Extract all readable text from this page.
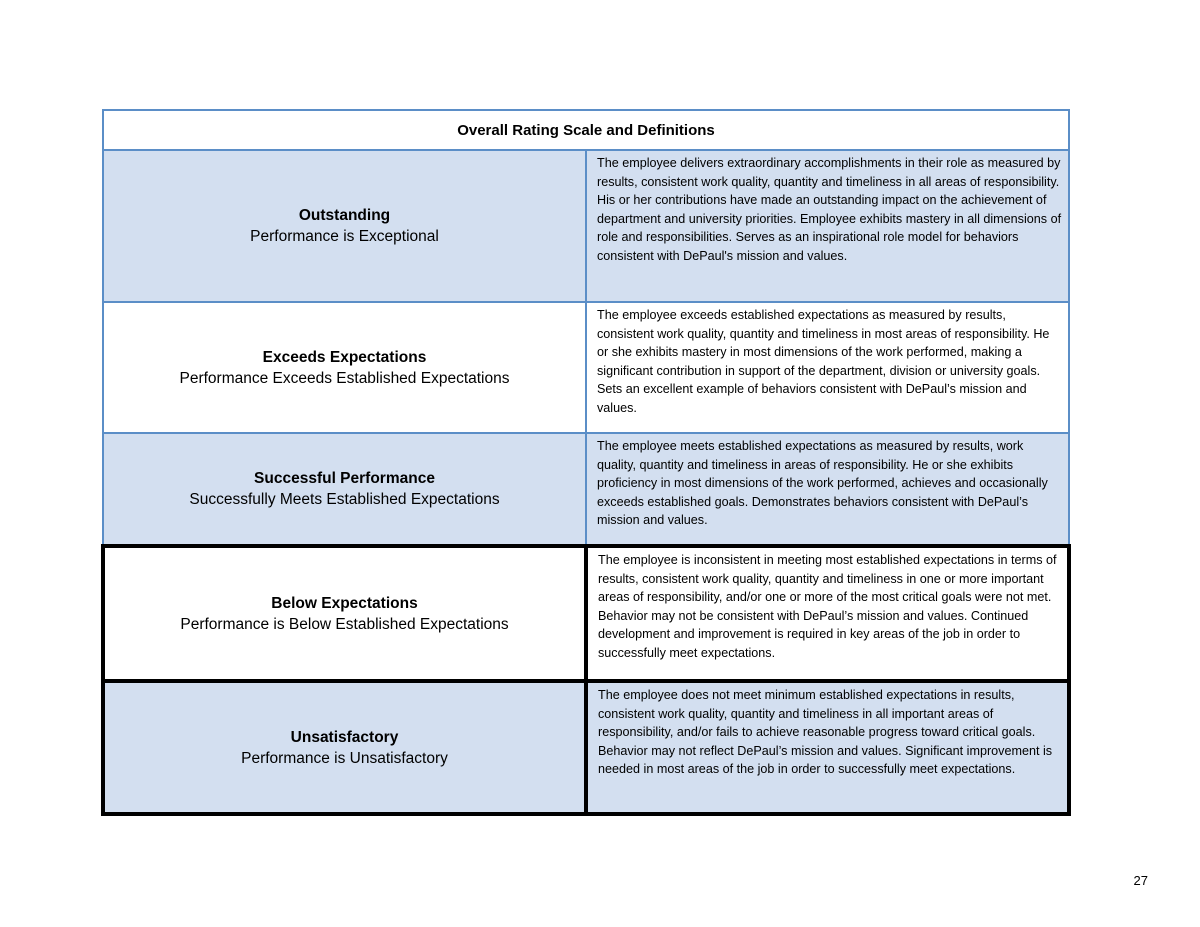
Overall Rating Scale and Definitions	

Outstanding
Performance is Exceptional	The employee delivers extraordinary accomplishments in their role as measured by results, consistent work quality, quantity and timeliness in all areas of responsibility. His or her contributions have made an outstanding impact on the achievement of department and university priorities. Employee exhibits mastery in all dimensions of role and responsibilities. Serves as an inspirational role model for behaviors consistent with DePaul's mission and values.

Exceeds Expectations
Performance Exceeds Established Expectations	The employee exceeds established expectations as measured by results, consistent work quality, quantity and timeliness in most areas of responsibility. He or she exhibits mastery in most dimensions of the work performed, making a significant contribution in support of the department, division or university goals. Sets an excellent example of behaviors consistent with DePaul’s mission and values.

Successful Performance
Successfully Meets Established Expectations	The employee meets established expectations as measured by results, work quality, quantity and timeliness in areas of responsibility. He or she exhibits proficiency in most dimensions of the work performed, achieves and occasionally exceeds established goals. Demonstrates behaviors consistent with DePaul’s mission and values.

Below Expectations
Performance is Below Established Expectations	The employee is inconsistent in meeting most established expectations in terms of results, consistent work quality, quantity and timeliness in one or more important areas of responsibility, and/or one or more of the most critical goals were not met. Behavior may not be consistent with DePaul’s mission and values. Continued development and improvement is required in key areas of the job in order to successfully meet expectations.

Unsatisfactory
Performance is Unsatisfactory	The employee does not meet minimum established expectations in results, consistent work quality, quantity and timeliness in all important areas of responsibility, and/or fails to achieve reasonable progress toward critical goals. Behavior may not reflect DePaul’s mission and values. Significant improvement is needed in most areas of the job in order to successfully meet expectations.
27
